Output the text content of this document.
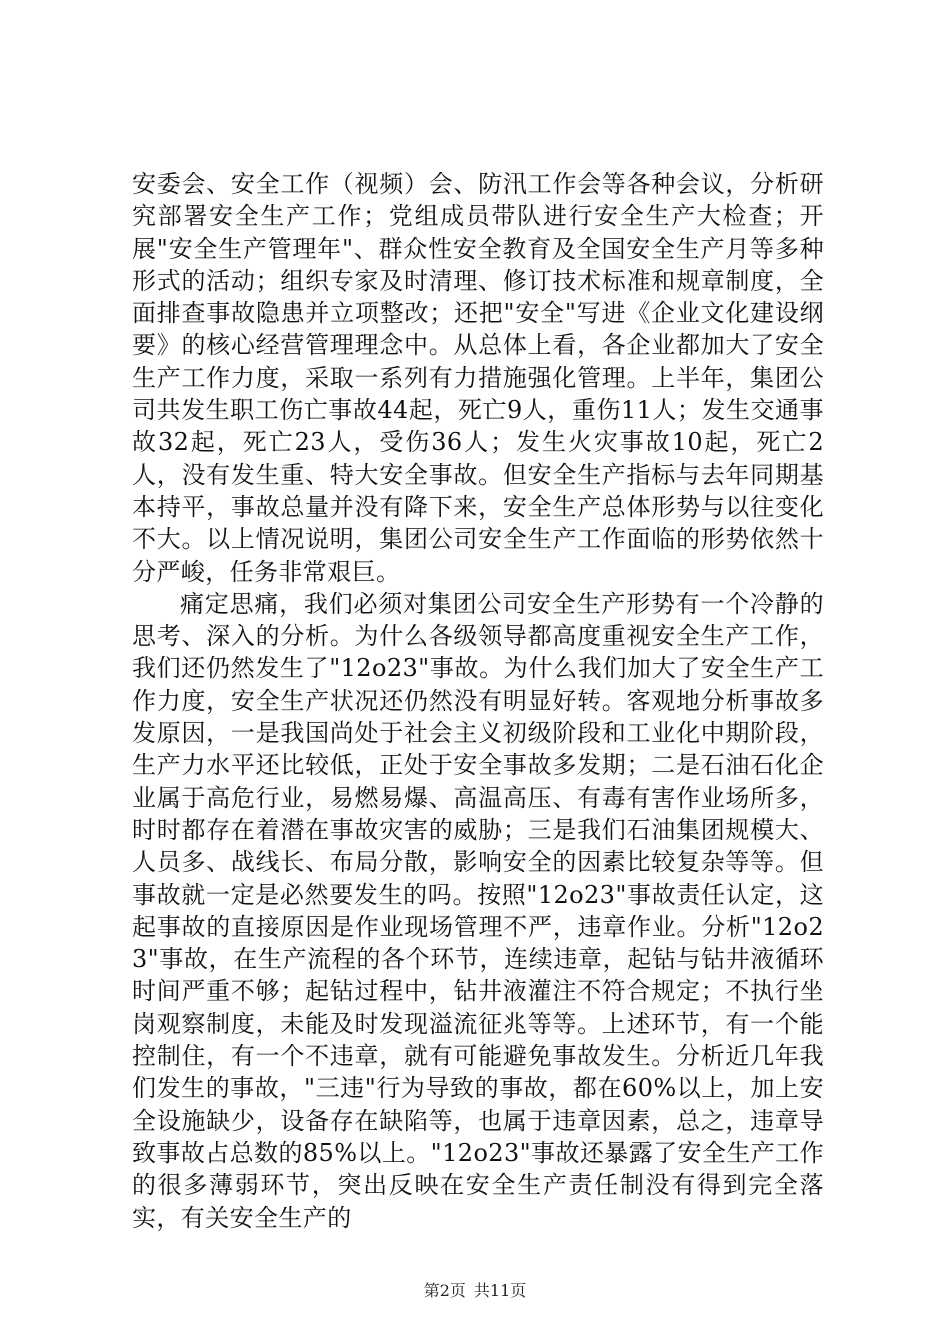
安委会、安全工作（视频）会、防汛工作会等各种会议，分析研究部署安全生产工作；党组成员带队进行安全生产大检查；开展"安全生产管理年"、群众性安全教育及全国安全生产月等多种形式的活动；组织专家及时清理、修订技术标准和规章制度，全面排查事故隐患并立项整改；还把"安全"写进《企业文化建设纲要》的核心经营管理理念中。从总体上看，各企业都加大了安全生产工作力度，采取一系列有力措施强化管理。上半年，集团公司共发生职工伤亡事故44起，死亡9人，重伤11人；发生交通事故32起，死亡23人，受伤36人；发生火灾事故10起，死亡2人，没有发生重、特大安全事故。但安全生产指标与去年同期基本持平，事故总量并没有降下来，安全生产总体形势与以往变化不大。以上情况说明，集团公司安全生产工作面临的形势依然十分严峻，任务非常艰巨。

痛定思痛，我们必须对集团公司安全生产形势有一个冷静的思考、深入的分析。为什么各级领导都高度重视安全生产工作，我们还仍然发生了"12o23"事故。为什么我们加大了安全生产工作力度，安全生产状况还仍然没有明显好转。客观地分析事故多发原因，一是我国尚处于社会主义初级阶段和工业化中期阶段，生产力水平还比较低，正处于安全事故多发期；二是石油石化企业属于高危行业，易燃易爆、高温高压、有毒有害作业场所多，时时都存在着潜在事故灾害的威胁；三是我们石油集团规模大、人员多、战线长、布局分散，影响安全的因素比较复杂等等。但事故就一定是必然要发生的吗。按照"12o23"事故责任认定，这起事故的直接原因是作业现场管理不严，违章作业。分析"12o23"事故，在生产流程的各个环节，连续违章，起钻与钻井液循环时间严重不够；起钻过程中，钻井液灌注不符合规定；不执行坐岗观察制度，未能及时发现溢流征兆等等。上述环节，有一个能控制住，有一个不违章，就有可能避免事故发生。分析近几年我们发生的事故，"三违"行为导致的事故，都在60%以上，加上安全设施缺少，设备存在缺陷等，也属于违章因素，总之，违章导致事故占总数的85%以上。"12o23"事故还暴露了安全生产工作的很多薄弱环节，突出反映在安全生产责任制没有得到完全落实，有关安全生产的

第2页 共11页
